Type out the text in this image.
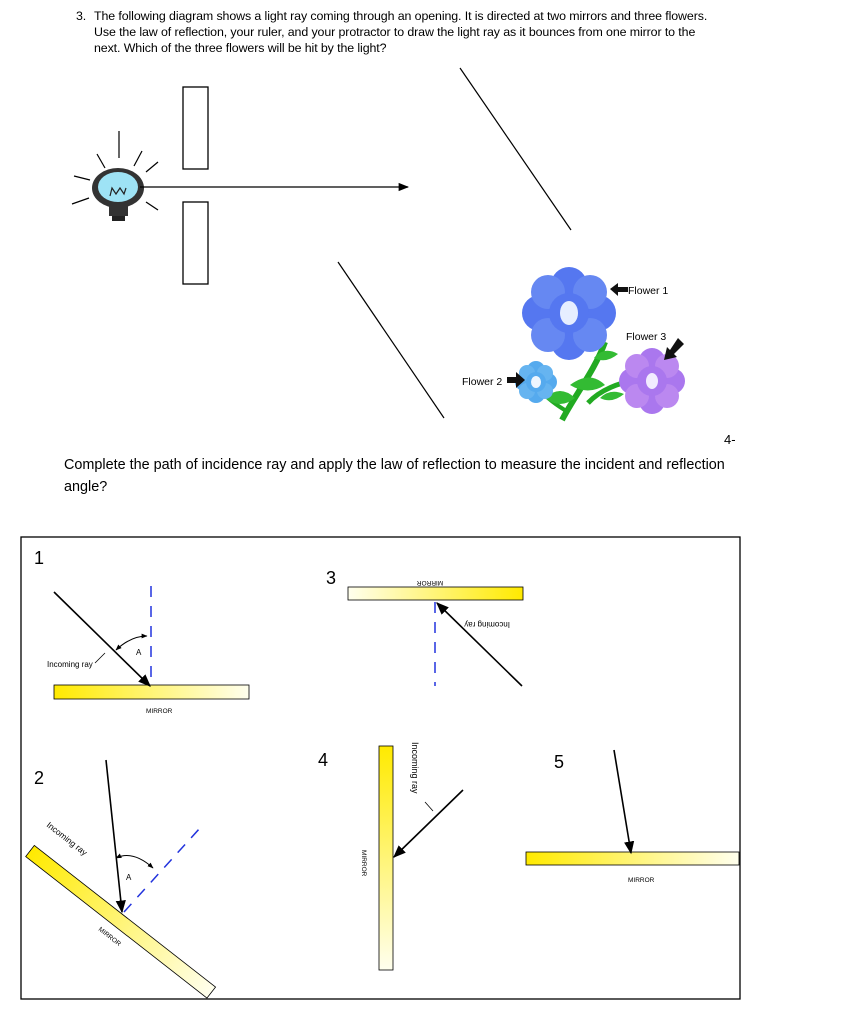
3. The following diagram shows a light ray coming through an opening. It is directed at two mirrors and three flowers. Use the law of reflection, your ruler, and your protractor to draw the light ray as it bounces from one mirror to the next. Which of the three flowers will be hit by the light?
4-
Complete the path of incidence ray and apply the law of reflection to measure the incident and reflection angle?
Flower 1
Flower 3
Flower 2
1
A
Incoming ray
MIRROR
2
A
Incoming ray
MIRROR
3	MIRROR
Incoming ray
4	Incoming ray
MIRROR
5
MIRROR
